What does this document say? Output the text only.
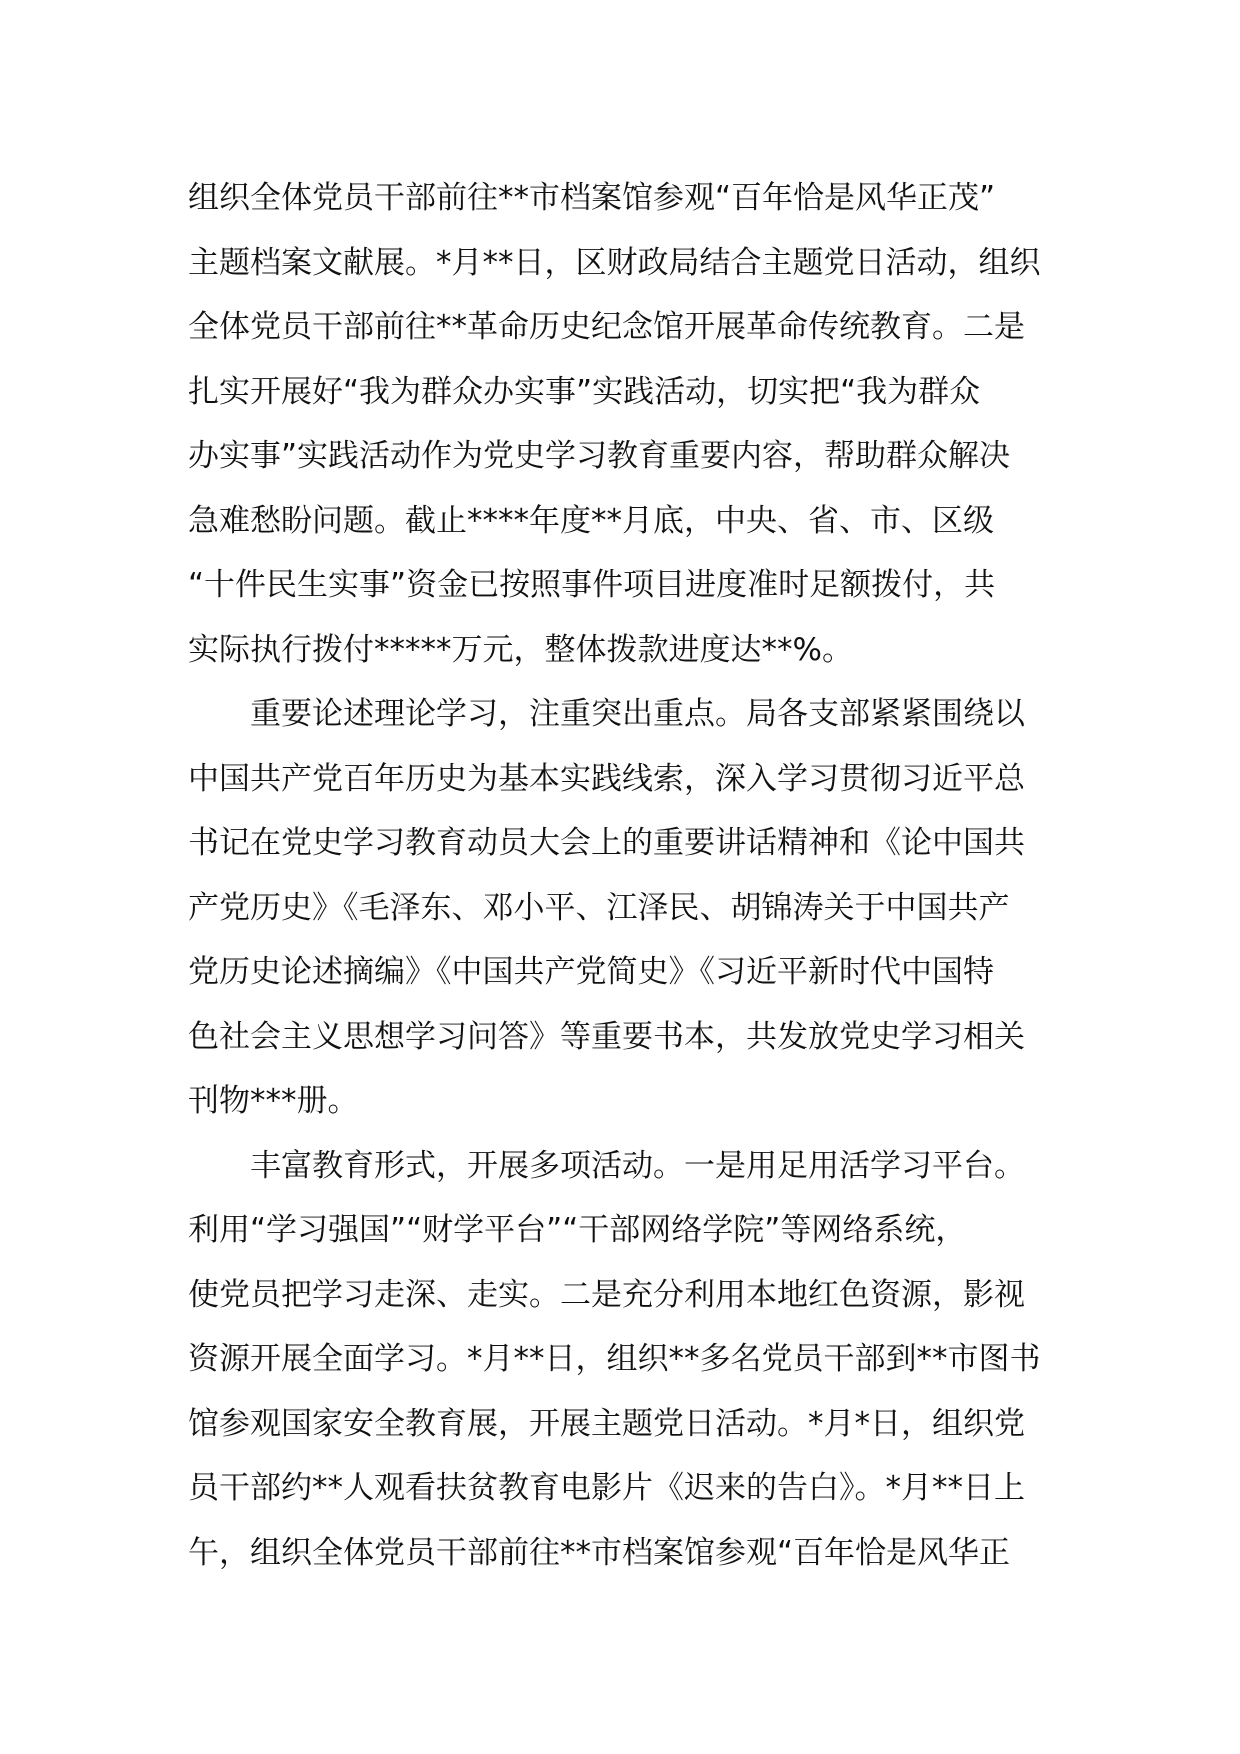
组织全体党员干部前往**市档案馆参观“百年恰是风华正茂”
主题档案文献展。*月**日，区财政局结合主题党日活动，组织
全体党员干部前往**革命历史纪念馆开展革命传统教育。二是
扎实开展好“我为群众办实事”实践活动，切实把“我为群众
办实事”实践活动作为党史学习教育重要内容，帮助群众解决
急难愁盼问题。截止****年度**月底，中央、省、市、区级
“十件民生实事”资金已按照事件项目进度准时足额拨付，共
实际执行拨付*****万元，整体拨款进度达**%。
重要论述理论学习，注重突出重点。局各支部紧紧围绕以
中国共产党百年历史为基本实践线索，深入学习贯彻习近平总
书记在党史学习教育动员大会上的重要讲话精神和《论中国共
产党历史》《毛泽东、邓小平、江泽民、胡锦涛关于中国共产
党历史论述摘编》《中国共产党简史》《习近平新时代中国特
色社会主义思想学习问答》等重要书本，共发放党史学习相关
刊物***册。
丰富教育形式，开展多项活动。一是用足用活学习平台。
利用“学习强国”“财学平台”“干部网络学院”等网络系统，
使党员把学习走深、走实。二是充分利用本地红色资源，影视
资源开展全面学习。*月**日，组织**多名党员干部到**市图书
馆参观国家安全教育展，开展主题党日活动。*月*日，组织党
员干部约**人观看扶贫教育电影片《迟来的告白》。*月**日上
午，组织全体党员干部前往**市档案馆参观“百年恰是风华正
